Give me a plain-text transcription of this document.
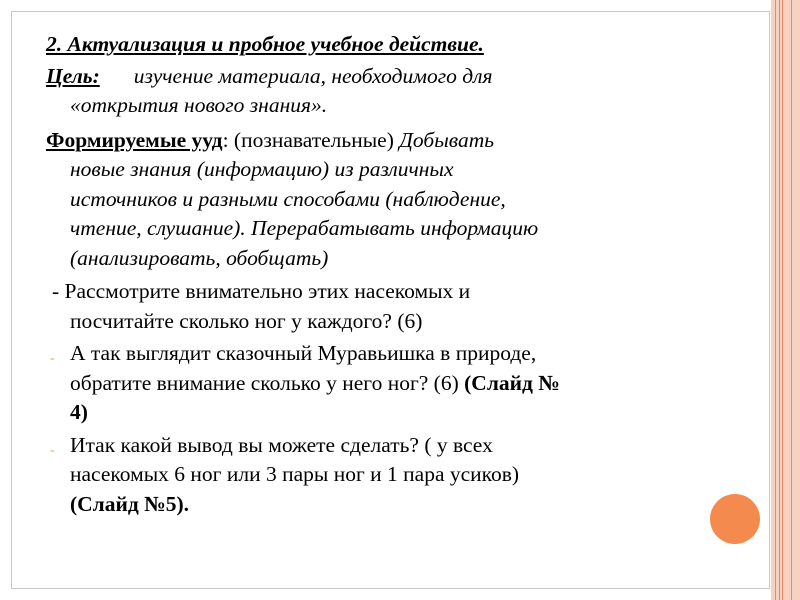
2. Актуализация и пробное учебное действие.

Цель: изучение материала, необходимого для

«открытия нового знания».

Формируемые ууд: (познавательные) Добывать

новые знания (информацию) из различных

источников и разными способами (наблюдение,

чтение, слушание). Перерабатывать информацию

(анализировать, обобщать)

- Рассмотрите внимательно этих насекомых и

посчитайте сколько ног у каждого? (6)

- А так выглядит сказочный Муравьишка в природе,

обратите внимание сколько у него ног? (6) (Слайд №

4)

- Итак какой вывод вы можете сделать? ( у всех

насекомых 6 ног или 3 пары ног и 1 пара усиков)

(Слайд №5).
